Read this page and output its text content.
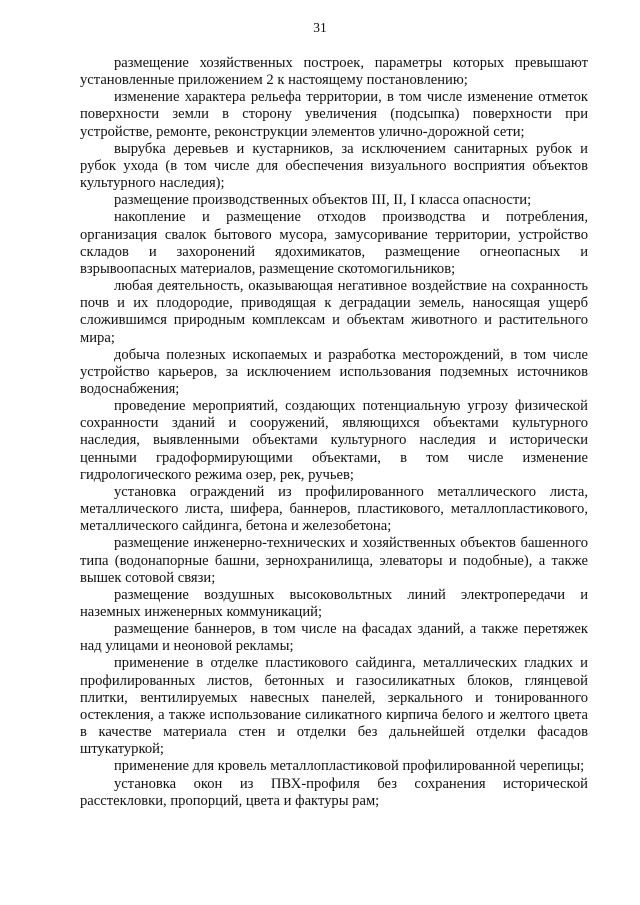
31

размещение хозяйственных построек, параметры которых превышают установленные приложением 2 к настоящему постановлению;

изменение характера рельефа территории, в том числе изменение отметок поверхности земли в сторону увеличения (подсыпка) поверхности при устройстве, ремонте, реконструкции элементов улично-дорожной сети;

вырубка деревьев и кустарников, за исключением санитарных рубок и рубок ухода (в том числе для обеспечения визуального восприятия объектов культурного наследия);

размещение производственных объектов III, II, I класса опасности;

накопление и размещение отходов производства и потребления, организация свалок бытового мусора, замусоривание территории, устройство складов и захоронений ядохимикатов, размещение огнеопасных и взрывоопасных материалов, размещение скотомогильников;

любая деятельность, оказывающая негативное воздействие на сохранность почв и их плодородие, приводящая к деградации земель, наносящая ущерб сложившимся природным комплексам и объектам животного и растительного мира;

добыча полезных ископаемых и разработка месторождений, в том числе устройство карьеров, за исключением использования подземных источников водоснабжения;

проведение мероприятий, создающих потенциальную угрозу физической сохранности зданий и сооружений, являющихся объектами культурного наследия, выявленными объектами культурного наследия и исторически ценными градоформирующими объектами, в том числе изменение гидрологического режима озер, рек, ручьев;

установка ограждений из профилированного металлического листа, металлического листа, шифера, баннеров, пластикового, металлопластикового, металлического сайдинга, бетона и железобетона;

размещение инженерно-технических и хозяйственных объектов башенного типа (водонапорные башни, зернохранилища, элеваторы и подобные), а также вышек сотовой связи;

размещение воздушных высоковольтных линий электропередачи и наземных инженерных коммуникаций;

размещение баннеров, в том числе на фасадах зданий, а также перетяжек над улицами и неоновой рекламы;

применение в отделке пластикового сайдинга, металлических гладких и профилированных листов, бетонных и газосиликатных блоков, глянцевой плитки, вентилируемых навесных панелей, зеркального и тонированного остекления, а также использование силикатного кирпича белого и желтого цвета в качестве материала стен и отделки без дальнейшей отделки фасадов штукатуркой;

применение для кровель металлопластиковой профилированной черепицы;

установка окон из ПВХ-профиля без сохранения исторической расстекловки, пропорций, цвета и фактуры рам;
